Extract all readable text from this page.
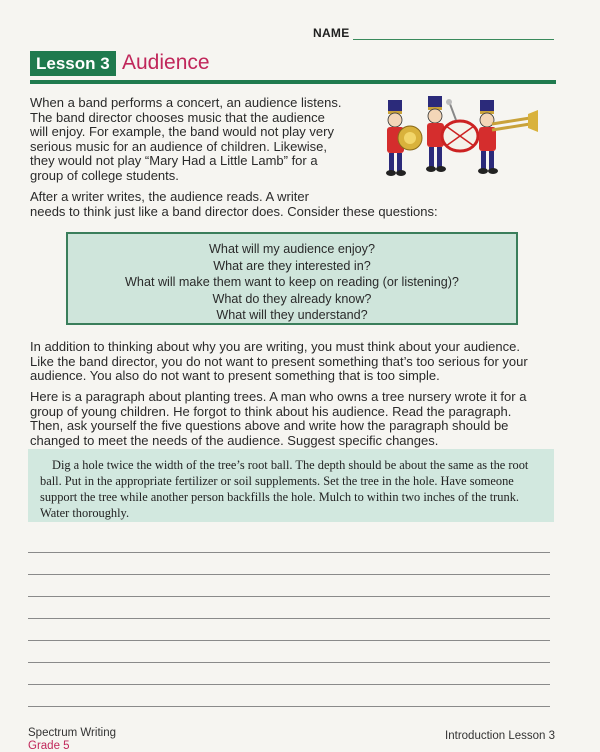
NAME
Lesson 3 Audience
When a band performs a concert, an audience listens.
The band director chooses music that the audience
will enjoy. For example, the band would not play very
serious music for an audience of children. Likewise,
they would not play “Mary Had a Little Lamb” for a
group of college students.
After a writer writes, the audience reads. A writer
needs to think just like a band director does. Consider these questions:
What will my audience enjoy?
What are they interested in?
What will make them want to keep on reading (or listening)?
What do they already know?
What will they understand?
In addition to thinking about why you are writing, you must think about your audience.
Like the band director, you do not want to present something that’s too serious for your
audience. You also do not want to present something that is too simple.
Here is a paragraph about planting trees. A man who owns a tree nursery wrote it for a
group of young children. He forgot to think about his audience. Read the paragraph.
Then, ask yourself the five questions above and write how the paragraph should be
changed to meet the needs of the audience. Suggest specific changes.
Dig a hole twice the width of the tree’s root ball. The depth should be about the same as the root
ball. Put in the appropriate fertilizer or soil supplements. Set the tree in the hole. Have someone
support the tree while another person backfills the hole. Mulch to within two inches of the trunk.
Water thoroughly.
Spectrum Writing
Grade 5
Introduction Lesson 3
